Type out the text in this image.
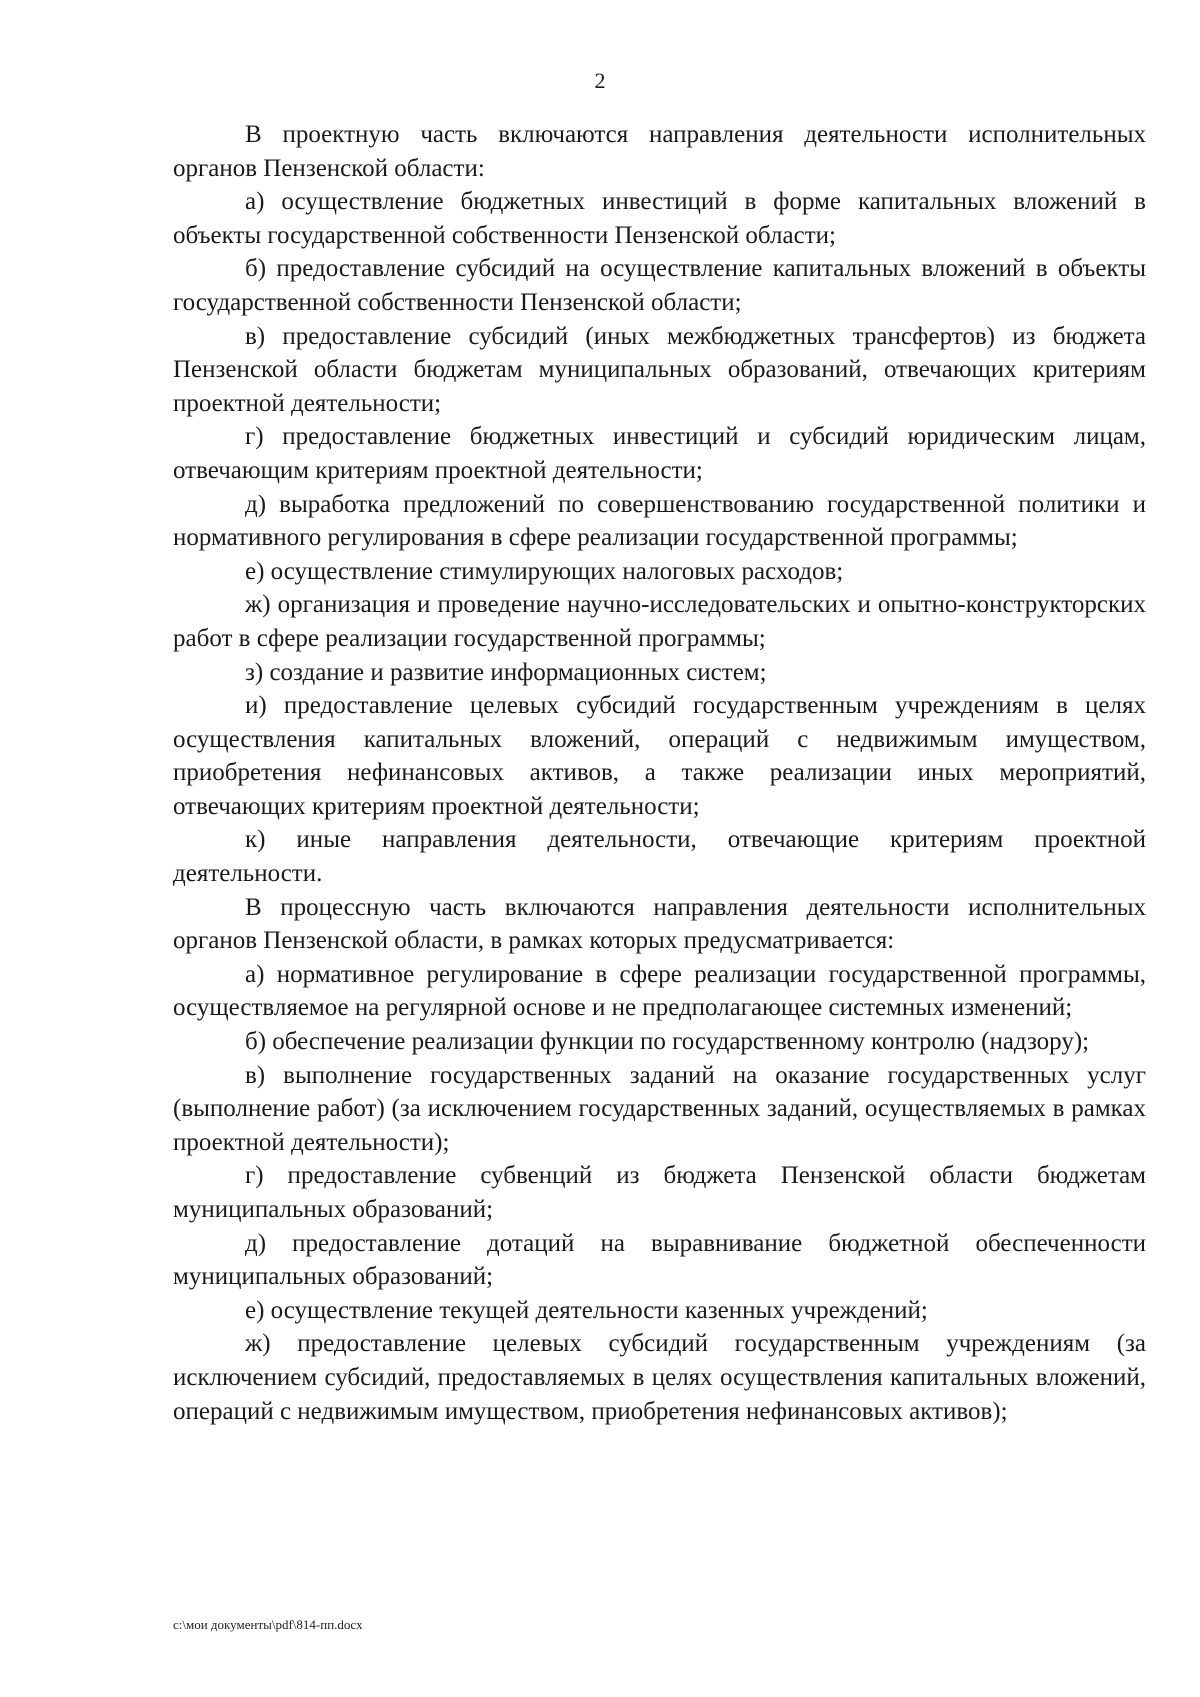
2

В проектную часть включаются направления деятельности исполнительных органов Пензенской области:

а) осуществление бюджетных инвестиций в форме капитальных вложений в объекты государственной собственности Пензенской области;

б) предоставление субсидий на осуществление капитальных вложений в объекты государственной собственности Пензенской области;

в) предоставление субсидий (иных межбюджетных трансфертов) из бюджета Пензенской области бюджетам муниципальных образований, отвечающих критериям проектной деятельности;

г) предоставление бюджетных инвестиций и субсидий юридическим лицам, отвечающим критериям проектной деятельности;

д) выработка предложений по совершенствованию государственной политики и нормативного регулирования в сфере реализации государственной программы;

е) осуществление стимулирующих налоговых расходов;

ж) организация и проведение научно-исследовательских и опытно-конструкторских работ в сфере реализации государственной программы;

з) создание и развитие информационных систем;

и) предоставление целевых субсидий государственным учреждениям в целях осуществления капитальных вложений, операций с недвижимым имуществом, приобретения нефинансовых активов, а также реализации иных мероприятий, отвечающих критериям проектной деятельности;

к) иные направления деятельности, отвечающие критериям проектной деятельности.

В процессную часть включаются направления деятельности исполнительных органов Пензенской области, в рамках которых предусматривается:

а) нормативное регулирование в сфере реализации государственной программы, осуществляемое на регулярной основе и не предполагающее системных изменений;

б) обеспечение реализации функции по государственному контролю (надзору);

в) выполнение государственных заданий на оказание государственных услуг (выполнение работ) (за исключением государственных заданий, осуществляемых в рамках проектной деятельности);

г) предоставление субвенций из бюджета Пензенской области бюджетам муниципальных образований;

д) предоставление дотаций на выравнивание бюджетной обеспеченности муниципальных образований;

е) осуществление текущей деятельности казенных учреждений;

ж) предоставление целевых субсидий государственным учреждениям (за исключением субсидий, предоставляемых в целях осуществления капитальных вложений, операций с недвижимым имуществом, приобретения нефинансовых активов);

c:\мои документы\pdf\814-пп.docx
